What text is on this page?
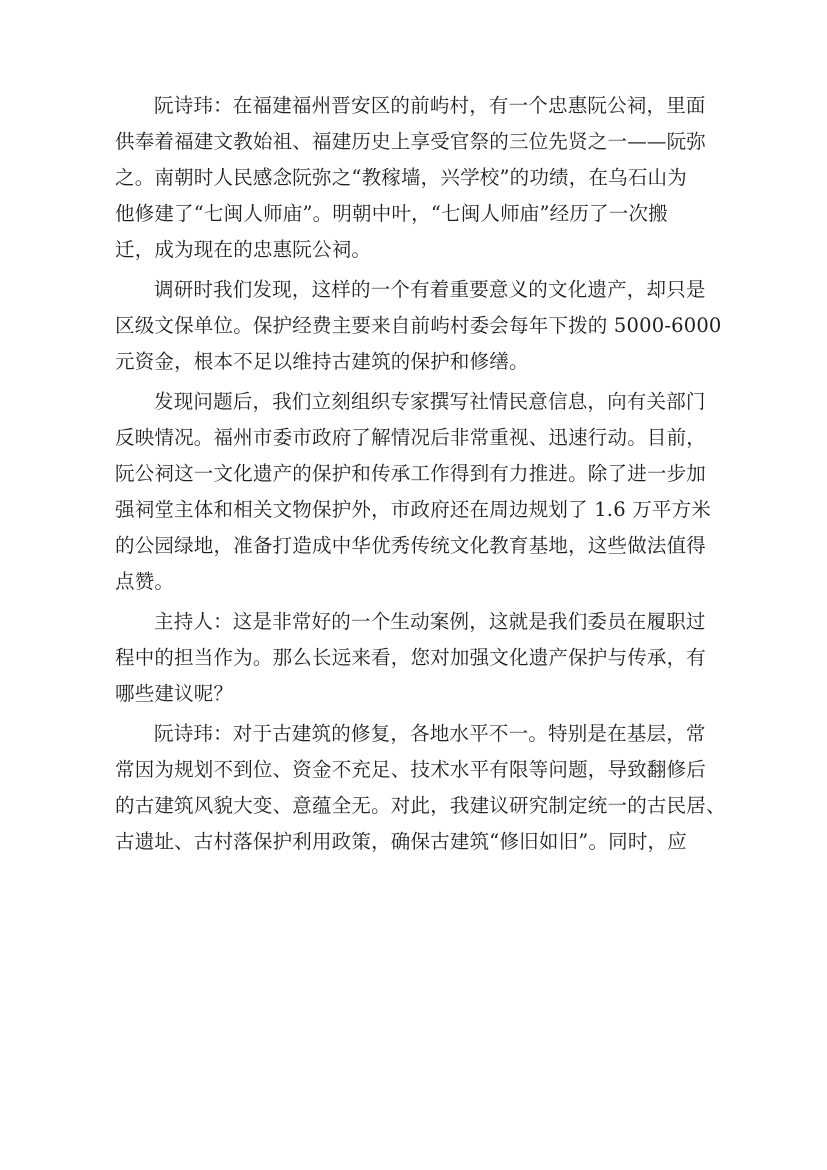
阮诗玮：在福建福州晋安区的前屿村，有一个忠惠阮公祠，里面
供奉着福建文教始祖、福建历史上享受官祭的三位先贤之一——阮弥
之。南朝时人民感念阮弥之“教稼墙，兴学校”的功绩，在乌石山为
他修建了“七闽人师庙”。明朝中叶，“七闽人师庙”经历了一次搬
迁，成为现在的忠惠阮公祠。

调研时我们发现，这样的一个有着重要意义的文化遗产，却只是
区级文保单位。保护经费主要来自前屿村委会每年下拨的 5000-6000
元资金，根本不足以维持古建筑的保护和修缮。

发现问题后，我们立刻组织专家撰写社情民意信息，向有关部门
反映情况。福州市委市政府了解情况后非常重视、迅速行动。目前，
阮公祠这一文化遗产的保护和传承工作得到有力推进。除了进一步加
强祠堂主体和相关文物保护外，市政府还在周边规划了 1.6 万平方米
的公园绿地，准备打造成中华优秀传统文化教育基地，这些做法值得
点赞。

主持人：这是非常好的一个生动案例，这就是我们委员在履职过
程中的担当作为。那么长远来看，您对加强文化遗产保护与传承，有
哪些建议呢？

阮诗玮：对于古建筑的修复，各地水平不一。特别是在基层，常
常因为规划不到位、资金不充足、技术水平有限等问题，导致翻修后
的古建筑风貌大变、意蕴全无。对此，我建议研究制定统一的古民居、
古遗址、古村落保护利用政策，确保古建筑“修旧如旧”。同时，应
